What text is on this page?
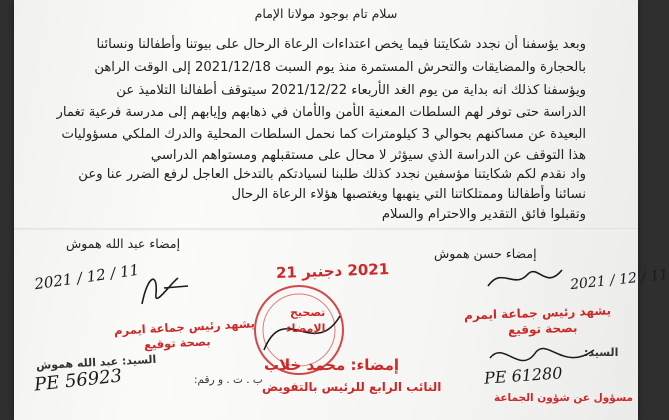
سلام تام بوجود مولانا الإمام
وبعد يؤسفنا أن نجدد شكايتنا فيما يخص اعتداءات الرعاة الرحال على بيوتنا وأطفالنا ونسائنا
بالحجارة والمضايقات والتحرش المستمرة منذ يوم السبت 2021/12/18 إلى الوقت الراهن
ويؤسفنا كذلك انه بداية من يوم الغد الأربعاء 2021/12/22 سيتوقف أطفالنا التلاميذ عن
الدراسة حتى توفر لهم السلطات المعنية الأمن والأمان في ذهابهم وإيابهم إلى مدرسة فرعية تغمار
البعيدة عن مساكنهم بحوالي 3 كيلومترات كما نحمل السلطات المحلية والدرك الملكي مسؤوليات
هذا التوقف عن الدراسة الذي سيؤثر لا محال على مستقبلهم ومستواهم الدراسي
واد نقدم لكم شكايتنا مؤسفين نجدد كذلك طلبنا لسيادتكم بالتدخل العاجل لرفع الضرر عنا وعن
نسائنا وأطفالنا وممتلكاتنا التي ينهبها ويغتصبها هؤلاء الرعاة الرحال
وتقبلوا فائق التقدير والاحترام والسلام
إمضاء حسن هموش
إمضاء عبد الله هموش
2021 / 12 / 11	2021 / 12 / 11
يشهد رئيس جماعة ايمرم
بصحة توقيع
السيد: عبد الله هموش
ب . ت . و رقم:
PE 56923
2021 دجنبر 21
تصحيح
الإمضاء
إمضاء: محمد خلاب
النائب الرابع للرئيس بالتفويض
يشهد رئيس جماعة ايمرم
بصحة توقيع
السيد:
مسؤول عن شؤون الجماعة
PE 61280
